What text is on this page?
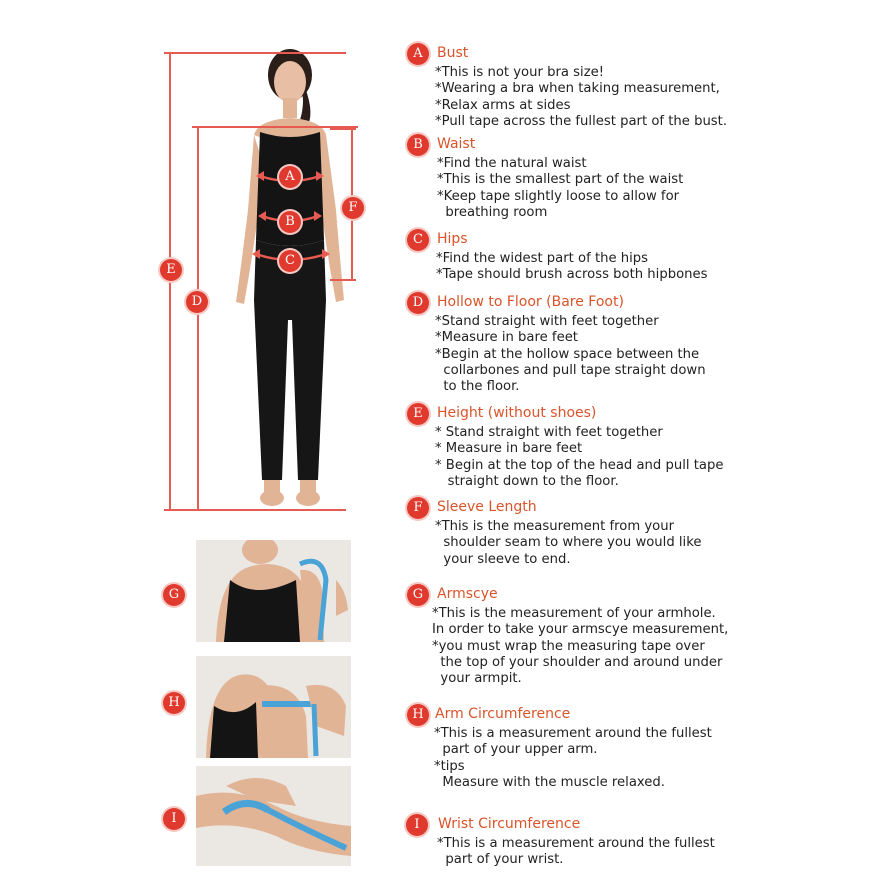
A
B
C
D
E
F
G
H
I
A	Bust
*This is not your bra size!
*Wearing a bra when taking measurement,
*Relax arms at sides
*Pull tape across the fullest part of the bust.
B	Waist
*Find the natural waist
*This is the smallest part of the waist
*Keep tape slightly loose to allow for
breathing room
C	Hips
*Find the widest part of the hips
*Tape should brush across both hipbones
D Hollow to Floor (Bare Foot)
*Stand straight with feet together
*Measure in bare feet
*Begin at the hollow space between the
collarbones and pull tape straight down
to the floor.
E	Height (without shoes)
* Stand straight with feet together
* Measure in bare feet
* Begin at the top of the head and pull tape
straight down to the floor.
F	Sleeve Length
*This is the measurement from your
shoulder seam to where you would like
your sleeve to end.
G Armscye
*This is the measurement of your armhole.
In order to take your armscye measurement,
*you must wrap the measuring tape over
the top of your shoulder and around under
your armpit.
H Arm Circumference
*This is a measurement around the fullest
part of your upper arm.
*tips
Measure with the muscle relaxed.
I	Wrist Circumference
*This is a measurement around the fullest
part of your wrist.
